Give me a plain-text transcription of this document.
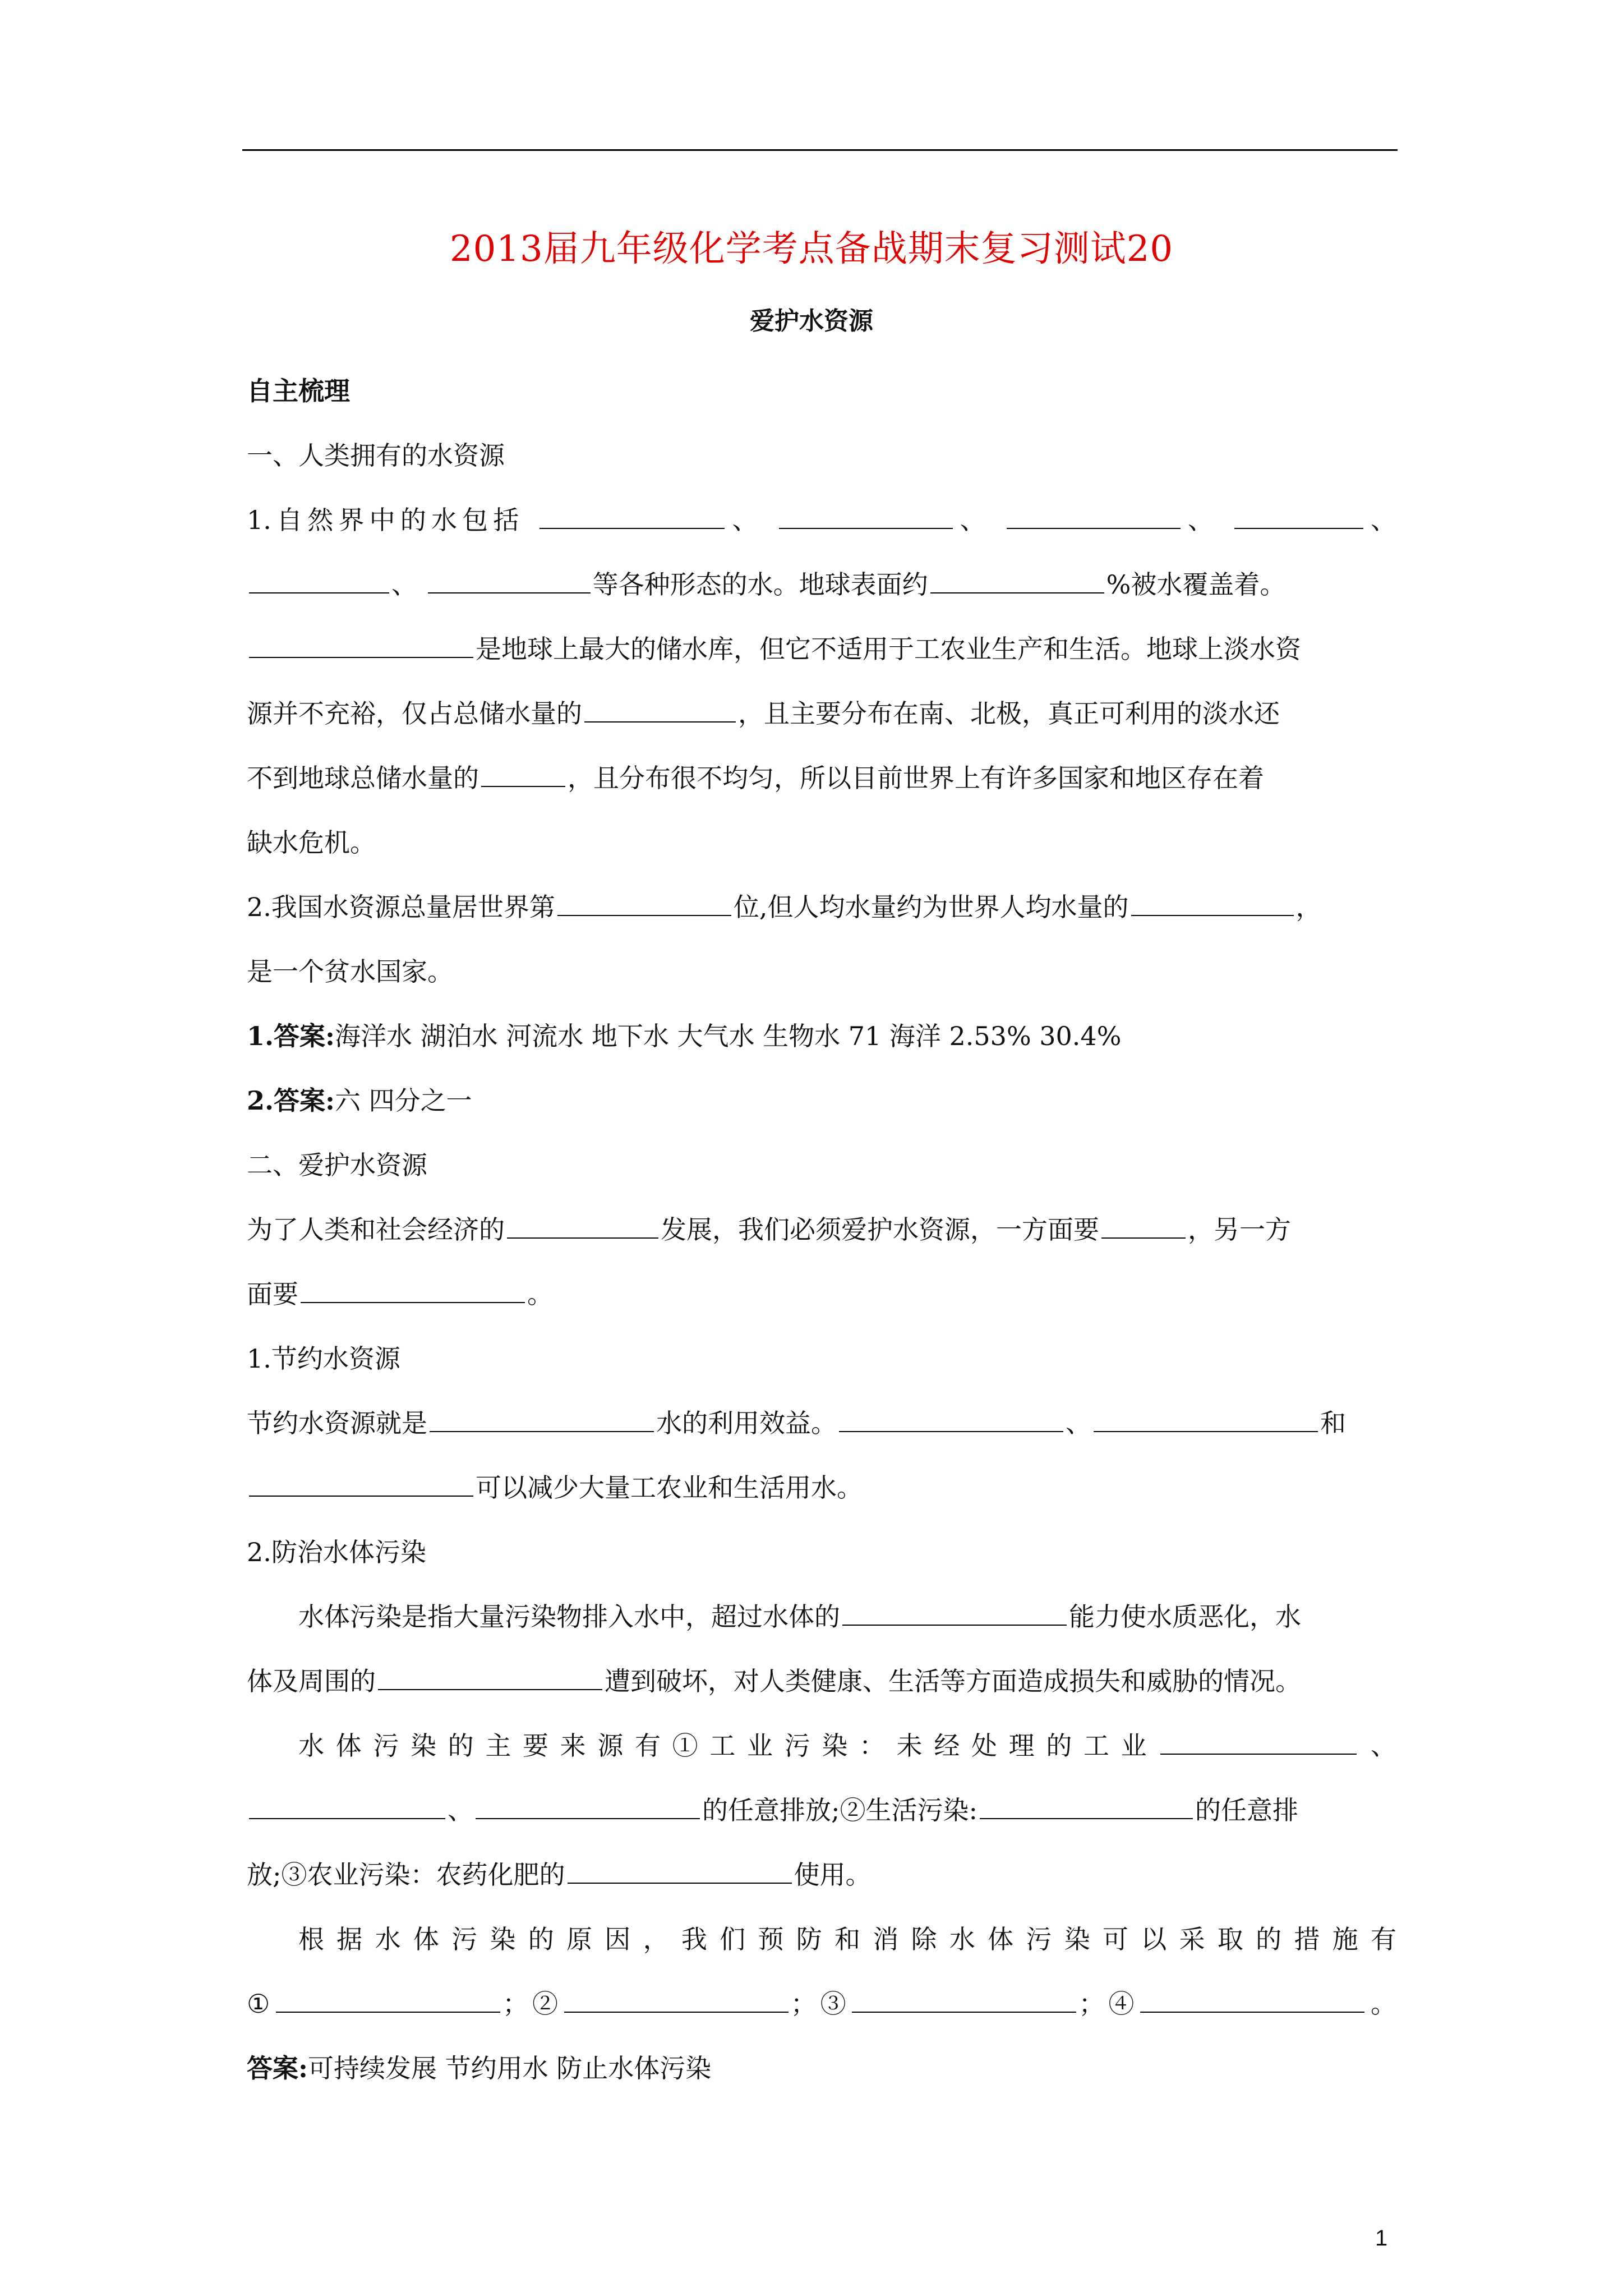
2013届九年级化学考点备战期末复习测试20
爱护水资源
自主梳理
一、人类拥有的水资源
1.自然界中的水包括	、	、	、	、
、	等各种形态的水。地球表面约	%被水覆盖着。
是地球上最大的储水库，但它不适用于工农业生产和生活。地球上淡水资
源并不充裕，仅占总储水量的	，且主要分布在南、北极，真正可利用的淡水还
不到地球总储水量的	，且分布很不均匀，所以目前世界上有许多国家和地区存在着
缺水危机。
2.我国水资源总量居世界第	位,但人均水量约为世界人均水量的	，
是一个贫水国家。
1.答案:海洋水 湖泊水 河流水 地下水 大气水 生物水 71 海洋 2.53% 30.4%
2.答案:六 四分之一
二、爱护水资源
为了人类和社会经济的	发展，我们必须爱护水资源，一方面要	，另一方
面要	。
1.节约水资源
节约水资源就是	水的利用效益。	、	和
可以减少大量工农业和生活用水。
2.防治水体污染
水体污染是指大量污染物排入水中，超过水体的	能力使水质恶化，水
体及周围的	遭到破坏，对人类健康、生活等方面造成损失和威胁的情况。
水体污染的主要来源有①工业污染：未经处理的工业	、
、	的任意排放;②生活污染:	的任意排
放;③农业污染：农药化肥的	使用。
根据水体污染的原因，我们预防和消除水体污染可以采取的措施有
①	；②	；③	；④	。
答案:可持续发展 节约用水 防止水体污染
1
